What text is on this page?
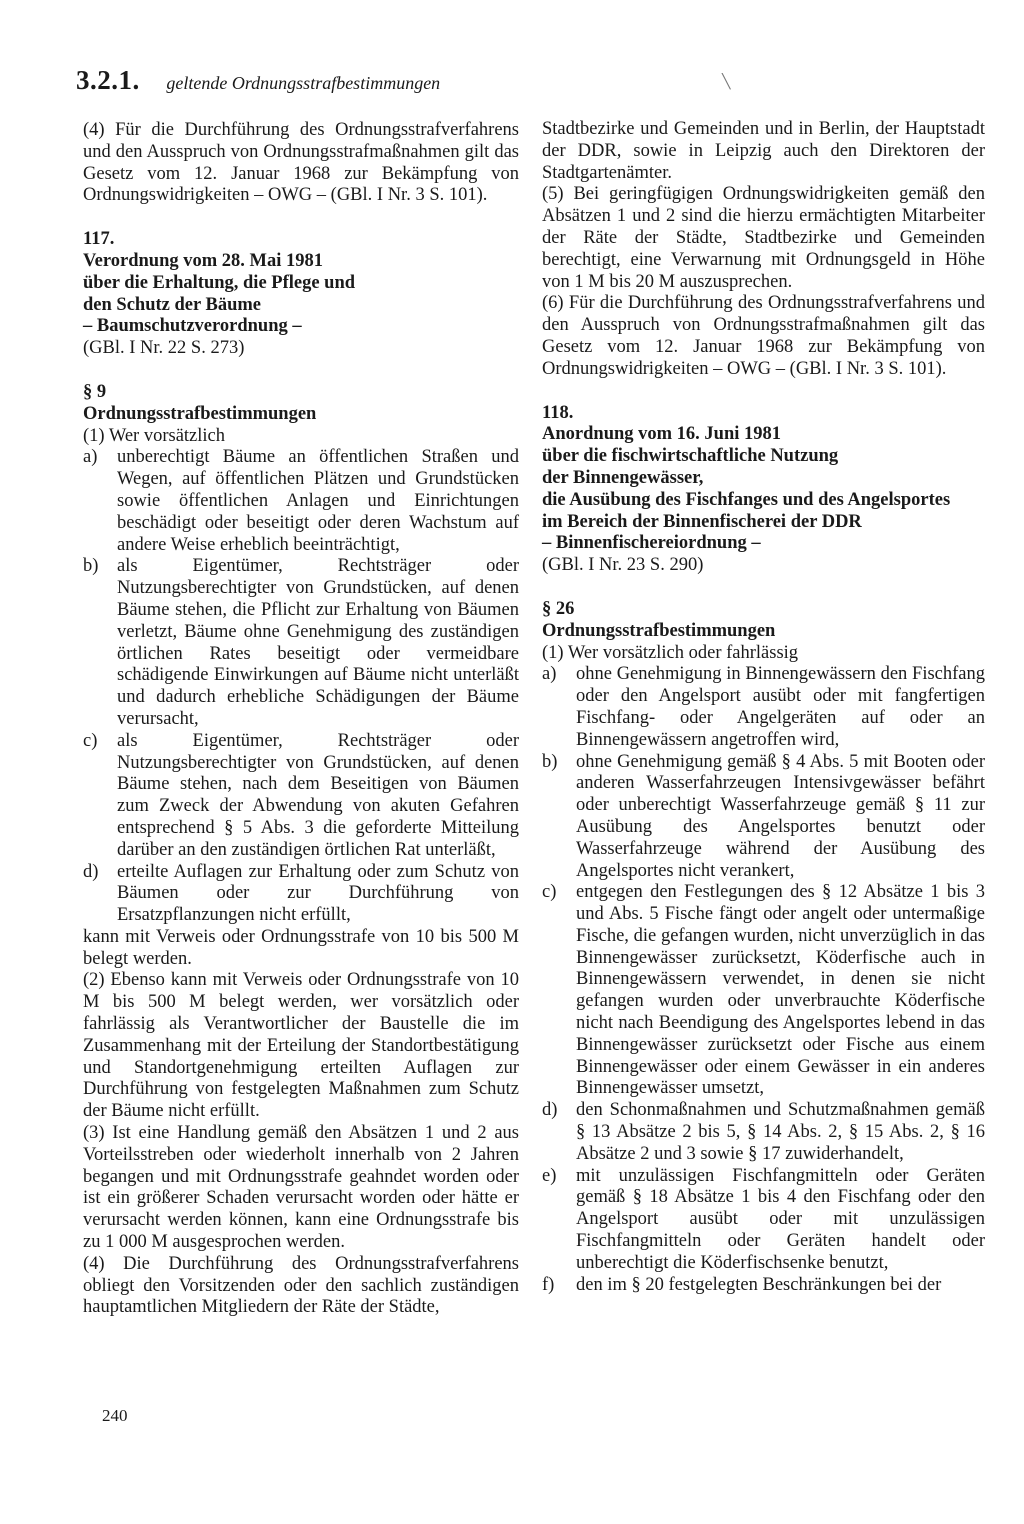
3.2.1. geltende Ordnungsstrafbestimmungen	╲

(4) Für die Durchführung des Ordnungsstrafverfahrens und den Ausspruch von Ordnungsstrafmaßnahmen gilt das Gesetz vom 12. Januar 1968 zur Bekämpfung von Ordnungswidrigkeiten – OWG – (GBl. I Nr. 3 S. 101).

117.

Verordnung vom 28. Mai 1981

über die Erhaltung, die Pflege und

den Schutz der Bäume

– Baumschutzverordnung –

(GBl. I Nr. 22 S. 273)

§ 9

Ordnungsstrafbestimmungen

(1) Wer vorsätzlich

a)	unberechtigt Bäume an öffentlichen Straßen und Wegen, auf öffentlichen Plätzen und Grundstücken sowie öffentlichen Anlagen und Einrichtungen beschädigt oder beseitigt oder deren Wachstum auf andere Weise erheblich beeinträchtigt,
b)	als Eigentümer, Rechtsträger oder Nutzungsberechtigter von Grundstücken, auf denen Bäume stehen, die Pflicht zur Erhaltung von Bäumen verletzt, Bäume ohne Genehmigung des zuständigen örtlichen Rates beseitigt oder vermeidbare schädigende Einwirkungen auf Bäume nicht unterläßt und dadurch erhebliche Schädigungen der Bäume verursacht,
c)	als Eigentümer, Rechtsträger oder Nutzungsberechtigter von Grundstücken, auf denen Bäume stehen, nach dem Beseitigen von Bäumen zum Zweck der Abwendung von akuten Gefahren entsprechend § 5 Abs. 3 die geforderte Mitteilung darüber an den zuständigen örtlichen Rat unterläßt,
d)	erteilte Auflagen zur Erhaltung oder zum Schutz von Bäumen oder zur Durchführung von Ersatzpflanzungen nicht erfüllt,

kann mit Verweis oder Ordnungsstrafe von 10 bis 500 M belegt werden.

(2) Ebenso kann mit Verweis oder Ordnungsstrafe von 10 M bis 500 M belegt werden, wer vorsätzlich oder fahrlässig als Verantwortlicher der Baustelle die im Zusammenhang mit der Erteilung der Standortbestätigung und Standortgenehmigung erteilten Auflagen zur Durchführung von festgelegten Maßnahmen zum Schutz der Bäume nicht erfüllt.

(3) Ist eine Handlung gemäß den Absätzen 1 und 2 aus Vorteilsstreben oder wiederholt innerhalb von 2 Jahren begangen und mit Ordnungsstrafe geahndet worden oder ist ein größerer Schaden verursacht worden oder hätte er verursacht werden können, kann eine Ordnungsstrafe bis zu 1 000 M ausgesprochen werden.

(4) Die Durchführung des Ordnungsstrafverfahrens obliegt den Vorsitzenden oder den sachlich zuständigen hauptamtlichen Mitgliedern der Räte der Städte,

Stadtbezirke und Gemeinden und in Berlin, der Hauptstadt der DDR, sowie in Leipzig auch den Direktoren der Stadtgartenämter.

(5) Bei geringfügigen Ordnungswidrigkeiten gemäß den Absätzen 1 und 2 sind die hierzu ermächtigten Mitarbeiter der Räte der Städte, Stadtbezirke und Gemeinden berechtigt, eine Verwarnung mit Ordnungsgeld in Höhe von 1 M bis 20 M auszusprechen.

(6) Für die Durchführung des Ordnungsstrafverfahrens und den Ausspruch von Ordnungsstrafmaßnahmen gilt das Gesetz vom 12. Januar 1968 zur Bekämpfung von Ordnungswidrigkeiten – OWG – (GBl. I Nr. 3 S. 101).

118.

Anordnung vom 16. Juni 1981

über die fischwirtschaftliche Nutzung

der Binnengewässer,

die Ausübung des Fischfanges und des Angelsportes

im Bereich der Binnenfischerei der DDR

– Binnenfischereiordnung –

(GBl. I Nr. 23 S. 290)

§ 26

Ordnungsstrafbestimmungen

(1) Wer vorsätzlich oder fahrlässig

a)	ohne Genehmigung in Binnengewässern den Fischfang oder den Angelsport ausübt oder mit fangfertigen Fischfang- oder Angelgeräten auf oder an Binnengewässern angetroffen wird,
b)	ohne Genehmigung gemäß § 4 Abs. 5 mit Booten oder anderen Wasserfahrzeugen Intensivgewässer befährt oder unberechtigt Wasserfahrzeuge gemäß § 11 zur Ausübung des Angelsportes benutzt oder Wasserfahrzeuge während der Ausübung des Angelsportes nicht verankert,
c)	entgegen den Festlegungen des § 12 Absätze 1 bis 3 und Abs. 5 Fische fängt oder angelt oder untermaßige Fische, die gefangen wurden, nicht unverzüglich in das Binnengewässer zurücksetzt, Köderfische auch in Binnengewässern verwendet, in denen sie nicht gefangen wurden oder unverbrauchte Köderfische nicht nach Beendigung des Angelsportes lebend in das Binnengewässer zurücksetzt oder Fische aus einem Binnengewässer oder einem Gewässer in ein anderes Binnengewässer umsetzt,
d)	den Schonmaßnahmen und Schutzmaßnahmen gemäß § 13 Absätze 2 bis 5, § 14 Abs. 2, § 15 Abs. 2, § 16 Absätze 2 und 3 sowie § 17 zuwiderhandelt,
e)	mit unzulässigen Fischfangmitteln oder Geräten gemäß § 18 Absätze 1 bis 4 den Fischfang oder den Angelsport ausübt oder mit unzulässigen Fischfangmitteln oder Geräten handelt oder unberechtigt die Köderfischsenke benutzt,
f)	den im § 20 festgelegten Beschränkungen bei der
240
